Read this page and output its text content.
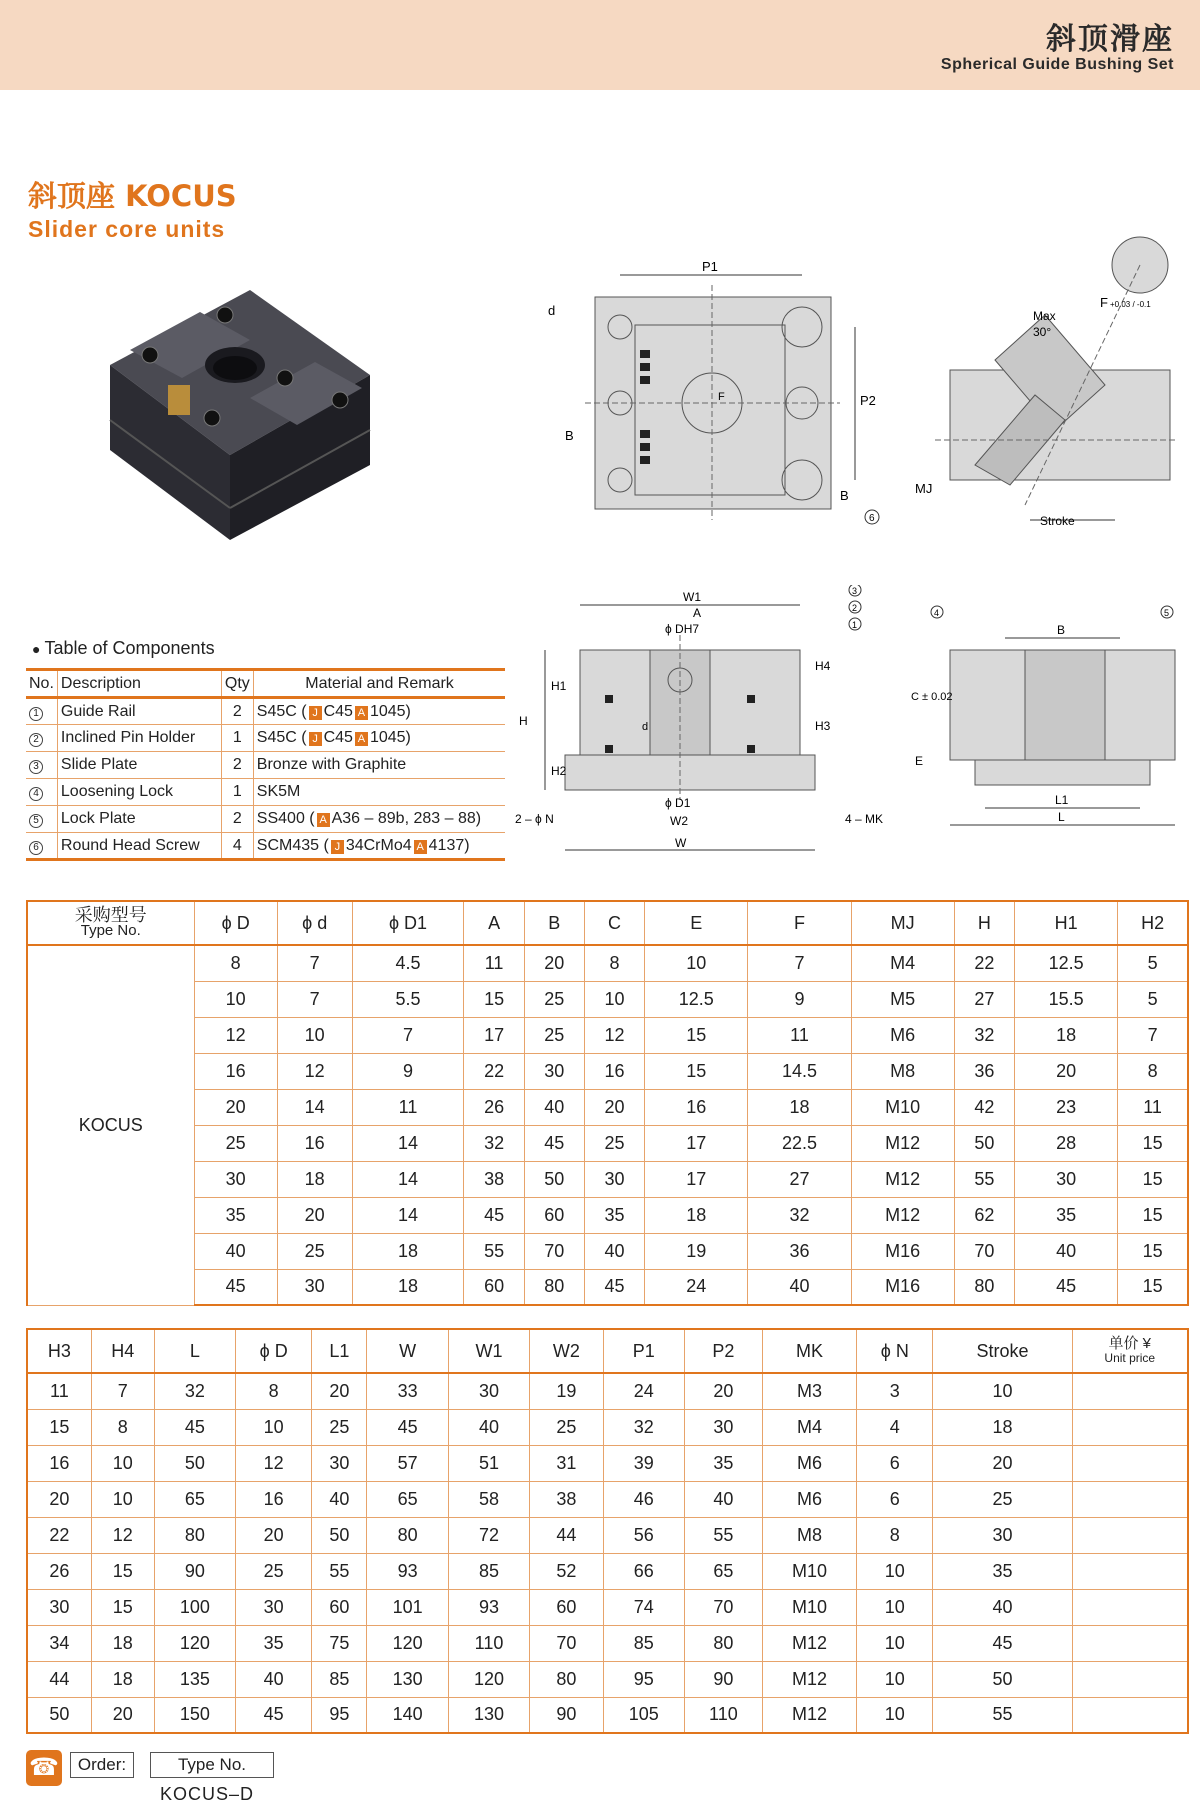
斜顶滑座
Spherical Guide Bushing Set
斜顶座 KOCUS
Slider core units
P1
P2
d
F
B
B
6
Max
30°
MJ
Stroke
F +0.03 / -0.1
W1
A
ϕ DH7
H1
H
H2
H3
H4
d
ϕ D1
W2
W
2 – ϕ N	4 – MK
3
2
1	B
C ± 0.02
E
L1
L
4	5
● Table of Components
No.	Description	Qty	Material and Remark
1	Guide Rail	2	S45C ( J C45 A 1045)
2	Inclined Pin Holder	1	S45C ( J C45 A 1045)
3	Slide Plate	2	Bronze with Graphite
4	Loosening Lock	1	SK5M
5	Lock Plate	2	SS400 ( A A36 – 89b, 283 – 88)
6	Round Head Screw	4	SCM435 ( J 34CrMo4 A 4137)
采购型号
Type No.	ϕ D	ϕ d	ϕ D1	A	B	C	E	F	MJ	H	H1	H2
KOCUS	8	7	4.5	11	20	8	10	7	M4	22	12.5	5
	10	7	5.5	15	25	10	12.5	9	M5	27	15.5	5
	12	10	7	17	25	12	15	11	M6	32	18	7
	16	12	9	22	30	16	15	14.5	M8	36	20	8
	20	14	11	26	40	20	16	18	M10	42	23	11
	25	16	14	32	45	25	17	22.5	M12	50	28	15
	30	18	14	38	50	30	17	27	M12	55	30	15
	35	20	14	45	60	35	18	32	M12	62	35	15
	40	25	18	55	70	40	19	36	M16	70	40	15
	45	30	18	60	80	45	24	40	M16	80	45	15
H3	H4	L	ϕ D	L1	W	W1	W2	P1	P2	MK	ϕ N	Stroke	单价 ¥
Unit price

11	7	32	8	20	33	30	19	24	20	M3	3	10	
15	8	45	10	25	45	40	25	32	30	M4	4	18	
16	10	50	12	30	57	51	31	39	35	M6	6	20	
20	10	65	16	40	65	58	38	46	40	M6	6	25	
22	12	80	20	50	80	72	44	56	55	M8	8	30	
26	15	90	25	55	93	85	52	66	65	M10	10	35	
30	15	100	30	60	101	93	60	74	70	M10	10	40	
34	18	120	35	75	120	110	70	85	80	M12	10	45	
44	18	135	40	85	130	120	80	95	90	M12	10	50	
50	20	150	45	95	140	130	90	105	110	M12	10	55	
☎	Order:	Type No.
KOCUS–D
